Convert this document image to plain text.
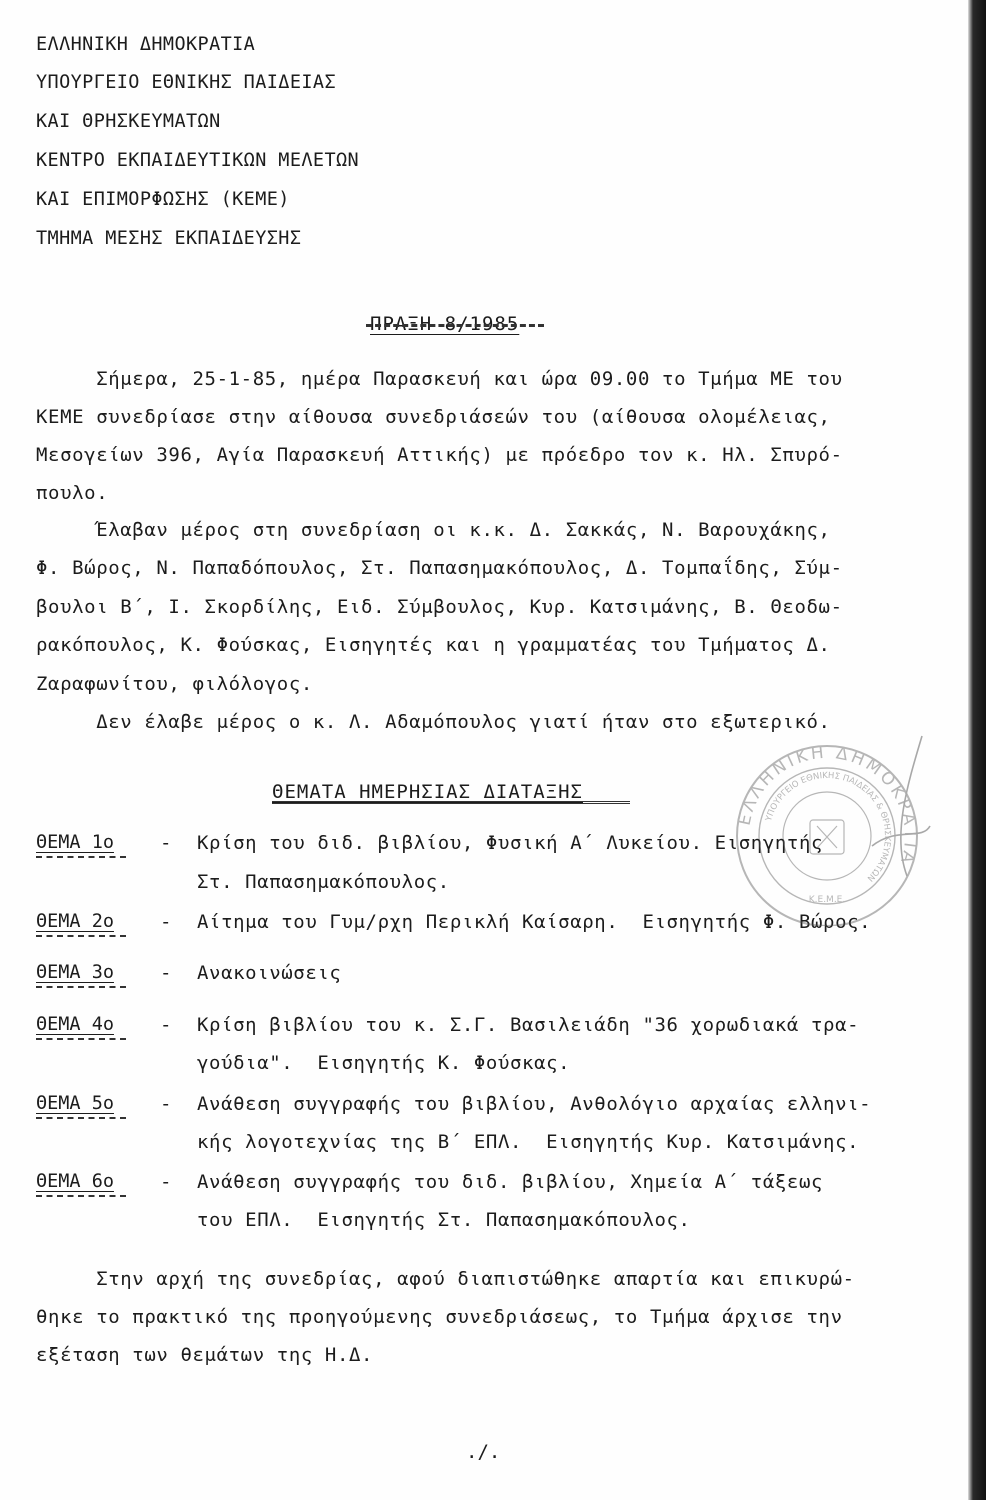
ΕΛΛΗΝΙΚΗ ΔΗΜΟΚΡΑΤΙΑ
ΥΠΟΥΡΓΕΙΟ ΕΘΝΙΚΗΣ ΠΑΙΔΕΙΑΣ
ΚΑΙ ΘΡΗΣΚΕΥΜΑΤΩΝ
ΚΕΝΤΡΟ ΕΚΠΑΙΔΕΥΤΙΚΩΝ ΜΕΛΕΤΩΝ
ΚΑΙ ΕΠΙΜΟΡΦΩΣΗΣ (ΚΕΜΕ)
ΤΜΗΜΑ ΜΕΣΗΣ ΕΚΠΑΙΔΕΥΣΗΣ
ΠΡΑΞΗ 8/1985
Σήμερα, 25-1-85, ημέρα Παρασκευή και ώρα 09.00 το Τμήμα ΜΕ του
ΚΕΜΕ συνεδρίασε στην αίθουσα συνεδριάσεών του (αίθουσα ολομέλειας,
Μεσογείων 396, Αγία Παρασκευή Αττικής) με πρόεδρο τον κ. Ηλ. Σπυρό-
πουλο.
Έλαβαν μέρος στη συνεδρίαση οι κ.κ. Δ. Σακκάς, Ν. Βαρουχάκης,
Φ. Βώρος, Ν. Παπαδόπουλος, Στ. Παπασημακόπουλος, Δ. Τομπαΐδης, Σύμ-
βουλοι Β΄, Ι. Σκορδίλης, Ειδ. Σύμβουλος, Κυρ. Κατσιμάνης, Β. Θεοδω-
ρακόπουλος, Κ. Φούσκας, Εισηγητές και η γραμματέας του Τμήματος Δ.
Ζαραφωνίτου, φιλόλογος.
Δεν έλαβε μέρος ο κ. Λ. Αδαμόπουλος γιατί ήταν στο εξωτερικό.
ΘΕΜΑΤΑ ΗΜΕΡΗΣΙΑΣ ΔΙΑΤΑΞΗΣ
ΘΕΜΑ 1ο - Κρίση του διδ. βιβλίου, Φυσική Α΄ Λυκείου. Εισηγητής
Στ. Παπασημακόπουλος.
ΘΕΜΑ 2ο - Αίτημα του Γυμ/ρχη Περικλή Καίσαρη.  Εισηγητής Φ. Βώρος.
ΘΕΜΑ 3ο - Ανακοινώσεις
ΘΕΜΑ 4ο - Κρίση βιβλίου του κ. Σ.Γ. Βασιλειάδη "36 χορωδιακά τρα-
γούδια".  Εισηγητής Κ. Φούσκας.
ΘΕΜΑ 5ο - Ανάθεση συγγραφής του βιβλίου, Ανθολόγιο αρχαίας ελληνι-
κής λογοτεχνίας της Β΄ ΕΠΛ.  Εισηγητής Κυρ. Κατσιμάνης.
ΘΕΜΑ 6ο - Ανάθεση συγγραφής του διδ. βιβλίου, Χημεία Α΄ τάξεως
του ΕΠΛ.  Εισηγητής Στ. Παπασημακόπουλος.
Στην αρχή της συνεδρίας, αφού διαπιστώθηκε απαρτία και επικυρώ-
θηκε το πρακτικό της προηγούμενης συνεδριάσεως, το Τμήμα άρχισε την
εξέταση των θεμάτων της Η.Δ.
./.
ΕΛΛΗΝΙΚΗ ΔΗΜΟΚΡΑΤΙΑ
ΥΠΟΥΡΓΕΙΟ ΕΘΝΙΚΗΣ ΠΑΙΔΕΙΑΣ & ΘΡΗΣΚΕΥΜΑΤΩΝ
Κ.Ε.Μ.Ε.
